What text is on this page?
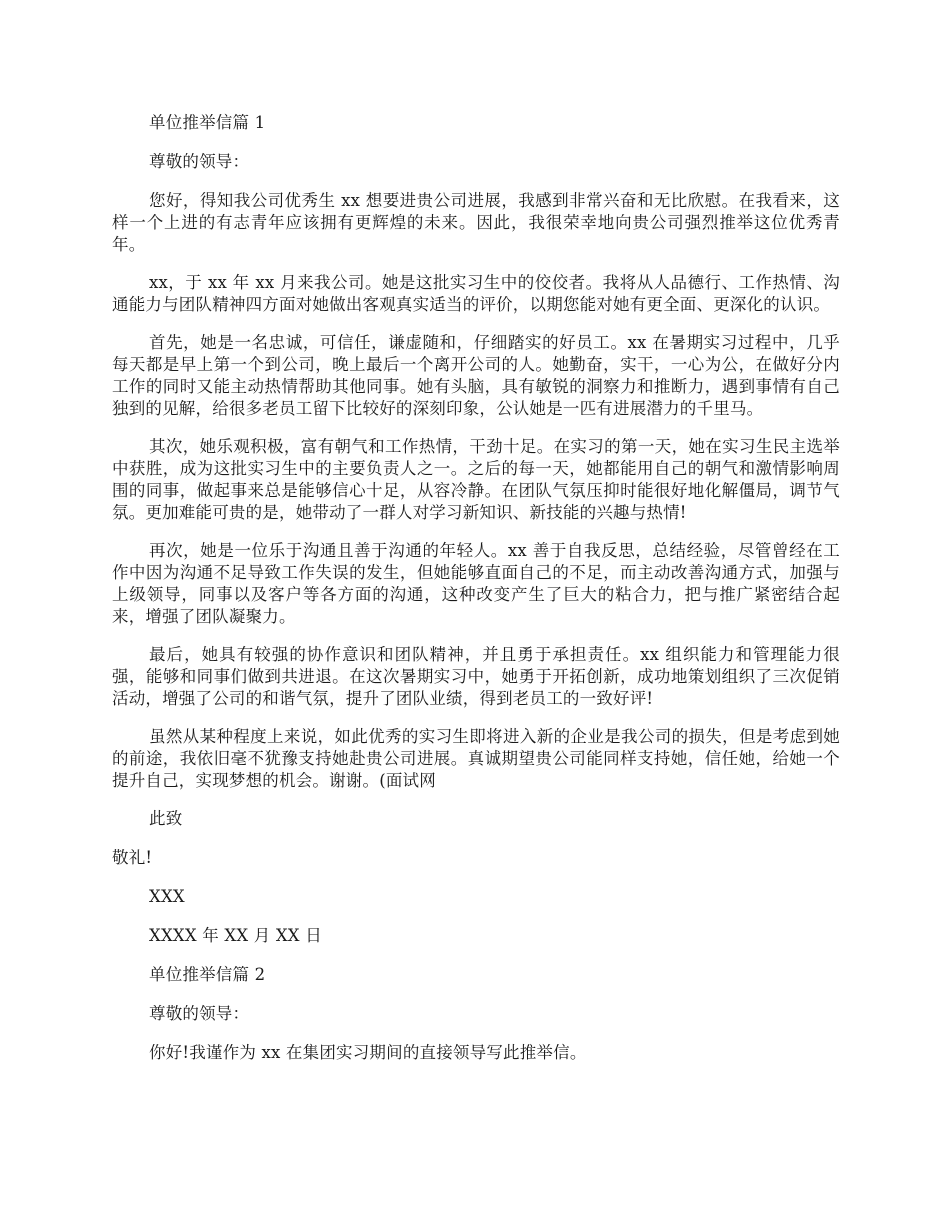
单位推举信篇 1

尊敬的领导：

您好，得知我公司优秀生 xx 想要进贵公司进展，我感到非常兴奋和无比欣慰。在我看来，这样一个上进的有志青年应该拥有更辉煌的未来。因此，我很荣幸地向贵公司强烈推举这位优秀青年。

xx，于 xx 年 xx 月来我公司。她是这批实习生中的佼佼者。我将从人品德行、工作热情、沟通能力与团队精神四方面对她做出客观真实适当的评价，以期您能对她有更全面、更深化的认识。

首先，她是一名忠诚，可信任，谦虚随和，仔细踏实的好员工。xx 在暑期实习过程中，几乎每天都是早上第一个到公司，晚上最后一个离开公司的人。她勤奋，实干，一心为公，在做好分内工作的同时又能主动热情帮助其他同事。她有头脑，具有敏锐的洞察力和推断力，遇到事情有自己独到的见解，给很多老员工留下比较好的深刻印象，公认她是一匹有进展潜力的千里马。

其次，她乐观积极，富有朝气和工作热情，干劲十足。在实习的第一天，她在实习生民主选举中获胜，成为这批实习生中的主要负责人之一。之后的每一天，她都能用自己的朝气和激情影响周围的同事，做起事来总是能够信心十足，从容冷静。在团队气氛压抑时能很好地化解僵局，调节气氛。更加难能可贵的是，她带动了一群人对学习新知识、新技能的兴趣与热情!

再次，她是一位乐于沟通且善于沟通的年轻人。xx 善于自我反思，总结经验，尽管曾经在工作中因为沟通不足导致工作失误的发生，但她能够直面自己的不足，而主动改善沟通方式，加强与上级领导，同事以及客户等各方面的沟通，这种改变产生了巨大的粘合力，把与推广紧密结合起来，增强了团队凝聚力。

最后，她具有较强的协作意识和团队精神，并且勇于承担责任。xx 组织能力和管理能力很强，能够和同事们做到共进退。在这次暑期实习中，她勇于开拓创新，成功地策划组织了三次促销活动，增强了公司的和谐气氛，提升了团队业绩，得到老员工的一致好评!

虽然从某种程度上来说，如此优秀的实习生即将进入新的企业是我公司的损失，但是考虑到她的前途，我依旧毫不犹豫支持她赴贵公司进展。真诚期望贵公司能同样支持她，信任她，给她一个提升自己，实现梦想的机会。谢谢。(面试网

此致

敬礼!

XXX

XXXX 年 XX 月 XX 日

单位推举信篇 2

尊敬的领导：

你好!我谨作为 xx 在集团实习期间的直接领导写此推举信。
